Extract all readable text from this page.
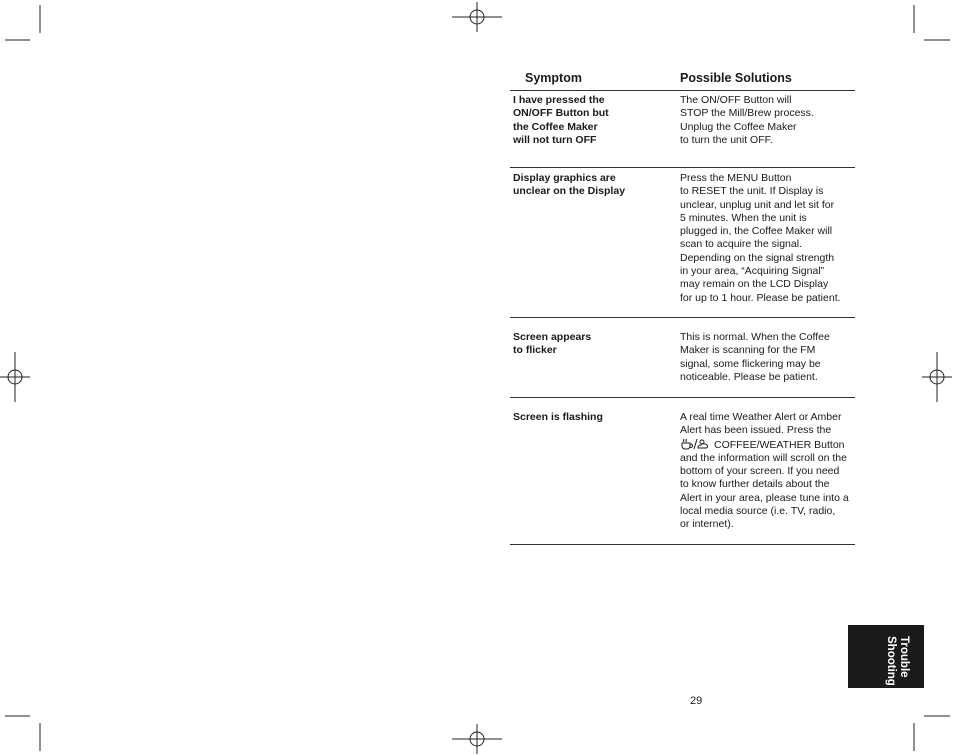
Symptom	Possible Solutions
I have pressed the
ON/OFF Button but
the Coffee Maker
will not turn OFF
The ON/OFF Button will
STOP the Mill/Brew process.
Unplug the Coffee Maker
to turn the unit OFF.
Display graphics are
unclear on the Display
Press the MENU Button
to RESET the unit. If Display is
unclear, unplug unit and let sit for
5 minutes. When the unit is
plugged in, the Coffee Maker will
scan to acquire the signal.
Depending on the signal strength
in your area, “Acquiring Signal”
may remain on the LCD Display
for up to 1 hour. Please be patient.
Screen appears
to flicker
This is normal. When the Coffee
Maker is scanning for the FM
signal, some flickering may be
noticeable. Please be patient.
Screen is flashing	A real time Weather Alert or Amber
Alert has been issued. Press the
COFFEE/WEATHER Button
and the information will scroll on the
bottom of your screen. If you need
to know further details about the
Alert in your area, please tune into a
local media source (i.e. TV, radio,
or internet).
Trouble Shooting
29
